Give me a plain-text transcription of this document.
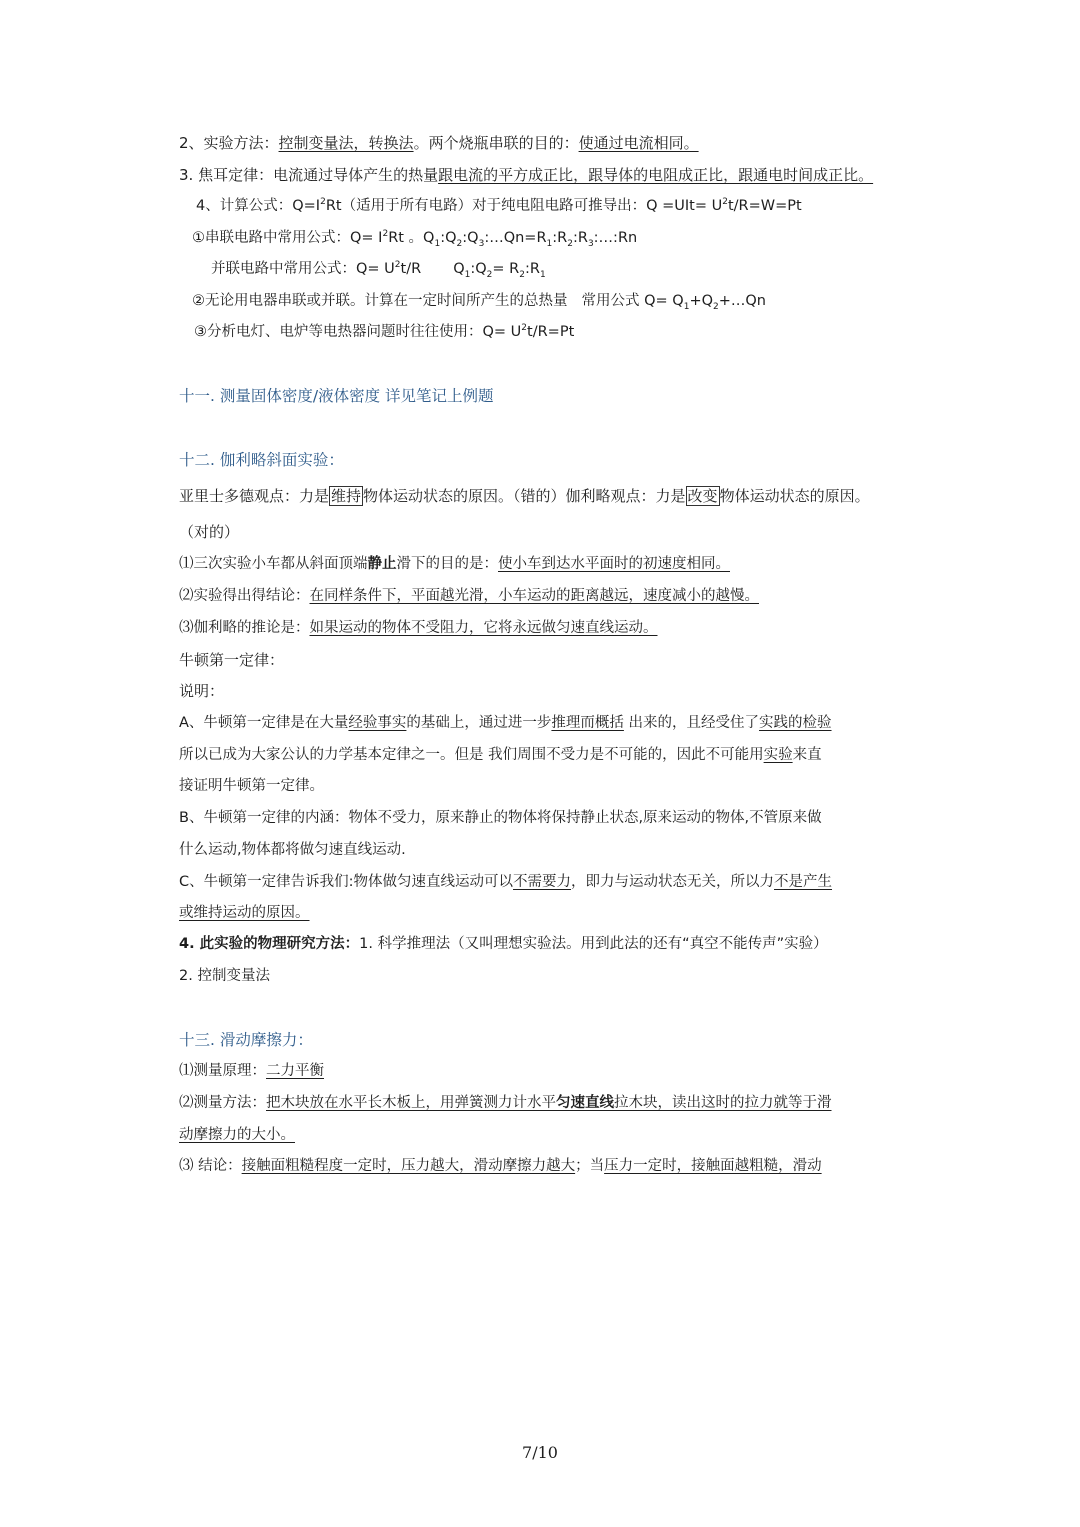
2、实验方法：控制变量法，转换法。两个烧瓶串联的目的：使通过电流相同。
3. 焦耳定律：电流通过导体产生的热量跟电流的平方成正比，跟导体的电阻成正比，跟通电时间成正比。
4、计算公式：$Q=I^2Rt$（适用于所有电路）对于纯电阻电路可推导出：$Q =UIt= U^2t/R=W=Pt$
①串联电路中常用公式：$Q= I^2Rt$ 。$Q_1:Q_2:Q_3:\dots Qn=R_1:R_2:R_3:\dots:Rn$
并联电路中常用公式：$Q= U^2t/R$ $Q_1:Q_2=$ $R_2:R_1$
②无论用电器串联或并联。计算在一定时间所产生的总热量 常用公式 $Q= Q_1+Q_2+\dots Qn$
③分析电灯、电炉等电热器问题时往往使用：$Q= U^2t/R=Pt$
十一. 测量固体密度/液体密度 详见笔记上例题
十二. 伽利略斜面实验：
亚里士多德观点：力是 维持 物体运动状态的原因。（错的）伽利略观点：力是 改变 物体运动状态的原因。
（对的）
⑴三次实验小车都从斜面顶端静止滑下的目的是：使小车到达水平面时的初速度相同。
⑵实验得出得结论：在同样条件下，平面越光滑，小车运动的距离越远，速度减小的越慢。
⑶伽利略的推论是：如果运动的物体不受阻力，它将永远做匀速直线运动。
牛顿第一定律：
说明：
A、牛顿第一定律是在大量经验事实的基础上，通过进一步推理而概括 出来的，且经受住了实践的检验
所以已成为大家公认的力学基本定律之一。但是 我们周围不受力是不可能的，因此不可能用实验来直
接证明牛顿第一定律。
B、牛顿第一定律的内涵：物体不受力，原来静止的物体将保持静止状态,原来运动的物体,不管原来做
什么运动,物体都将做匀速直线运动.
C、牛顿第一定律告诉我们:物体做匀速直线运动可以不需要力，即力与运动状态无关，所以力不是产生
或维持运动的原因。
4. 此实验的物理研究方法：1. 科学推理法（又叫理想实验法。用到此法的还有“真空不能传声”实验）
2. 控制变量法
十三. 滑动摩擦力：
⑴测量原理：二力平衡
⑵测量方法：把木块放在水平长木板上，用弹簧测力计水平匀速直线拉木块，读出这时的拉力就等于滑
动摩擦力的大小。
⑶ 结论：接触面粗糙程度一定时，压力越大，滑动摩擦力越大；当压力一定时，接触面越粗糙，滑动
7/10
